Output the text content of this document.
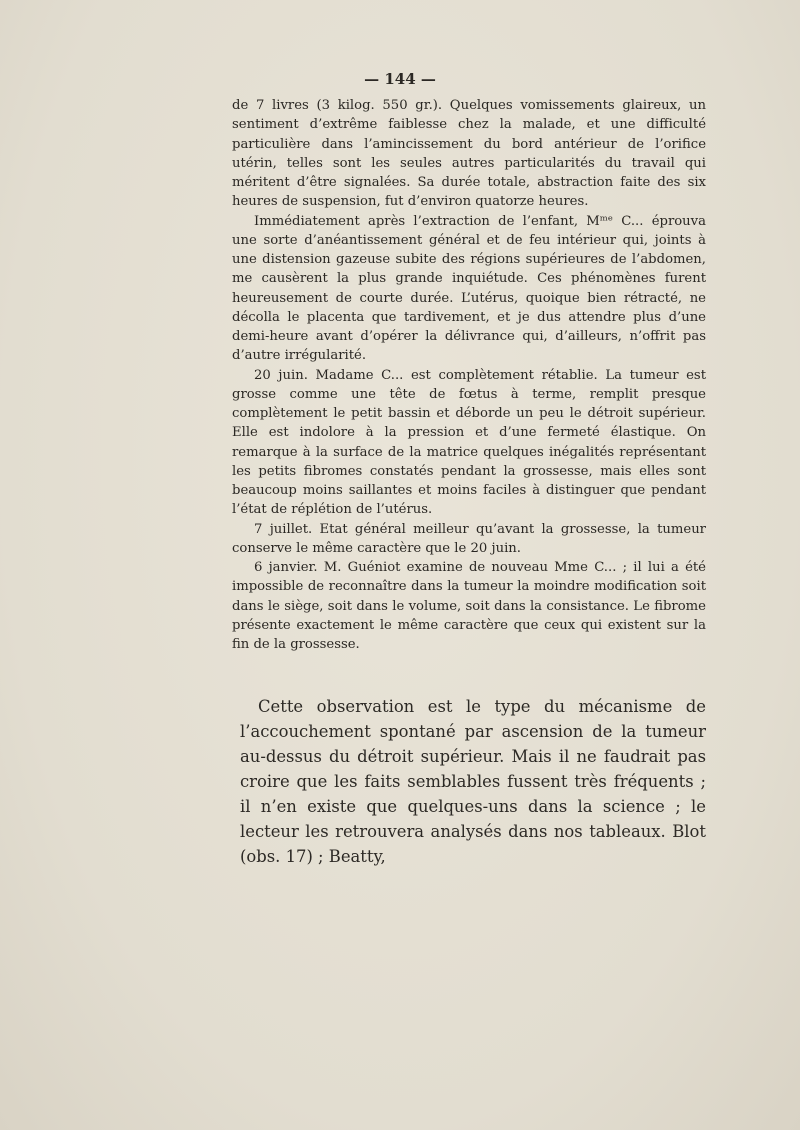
— 144 —

de 7 livres (3 kilog. 550 gr.). Quelques vomissements glaireux, un sentiment d’extrême faiblesse chez la malade, et une difficulté particulière dans l’amincissement du bord antérieur de l’orifice utérin, telles sont les seules autres particularités du travail qui méritent d’être signalées. Sa durée totale, abstraction faite des six heures de suspension, fut d’environ quatorze heures.

Immédiatement après l’extraction de l’enfant, Mᵐᵉ C... éprouva une sorte d’anéantissement général et de feu intérieur qui, joints à une distension gazeuse subite des régions supérieures de l’abdomen, me causèrent la plus grande inquiétude. Ces phénomènes furent heureusement de courte durée. L’utérus, quoique bien rétracté, ne décolla le placenta que tardivement, et je dus attendre plus d’une demi-heure avant d’opérer la délivrance qui, d’ailleurs, n’offrit pas d’autre irrégularité.

20 juin. Madame C... est complètement rétablie. La tumeur est grosse comme une tête de fœtus à terme, remplit presque complètement le petit bassin et déborde un peu le détroit supérieur. Elle est indolore à la pression et d’une fermeté élastique. On remarque à la surface de la matrice quelques inégalités représentant les petits fibromes constatés pendant la grossesse, mais elles sont beaucoup moins saillantes et moins faciles à distinguer que pendant l’état de réplétion de l’utérus.

7 juillet. Etat général meilleur qu’avant la grossesse, la tumeur conserve le même caractère que le 20 juin.

6 janvier. M. Guéniot examine de nouveau Mme C... ; il lui a été impossible de reconnaître dans la tumeur la moindre modification soit dans le siège, soit dans le volume, soit dans la consistance. Le fibrome présente exactement le même caractère que ceux qui existent sur la fin de la grossesse.

Cette observation est le type du mécanisme de l’accouchement spontané par ascension de la tumeur au-dessus du détroit supérieur. Mais il ne faudrait pas croire que les faits semblables fussent très fréquents ; il n’en existe que quelques-uns dans la science ; le lecteur les retrouvera analysés dans nos tableaux. Blot (obs. 17) ; Beatty,
